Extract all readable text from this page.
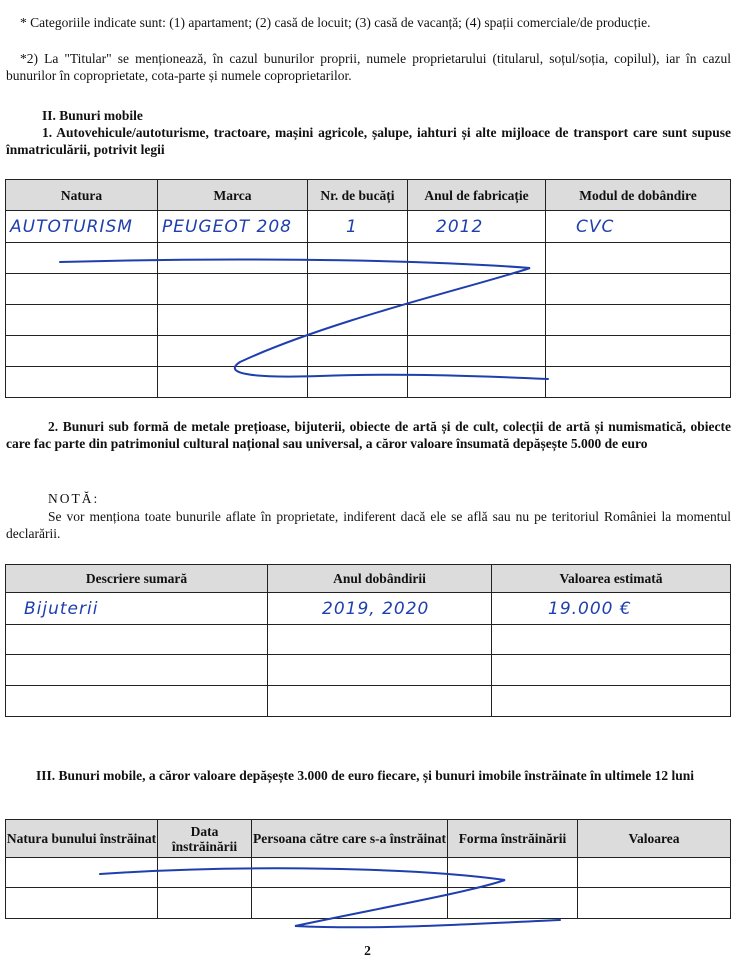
* Categoriile indicate sunt: (1) apartament; (2) casă de locuit; (3) casă de vacanță; (4) spații comerciale/de producție.
*2) La "Titular" se menționează, în cazul bunurilor proprii, numele proprietarului (titularul, soțul/soția, copilul), iar în cazul bunurilor în coproprietate, cota-parte și numele coproprietarilor.
II. Bunuri mobile
1. Autovehicule/autoturisme, tractoare, mașini agricole, șalupe, iahturi și alte mijloace de transport care sunt supuse înmatriculării, potrivit legii
Natura	Marca	Nr. de bucăți	Anul de fabricație	Modul de dobândire
AUTOTURISM	PEUGEOT 208	1	2012	CVC

2. Bunuri sub formă de metale prețioase, bijuterii, obiecte de artă și de cult, colecții de artă și numismatică, obiecte care fac parte din patrimoniul cultural național sau universal, a căror valoare însumată depășește 5.000 de euro
NOTĂ:
Se vor menționa toate bunurile aflate în proprietate, indiferent dacă ele se află sau nu pe teritoriul României la momentul declarării.
Descriere sumară	Anul dobândirii	Valoarea estimată
Bijuterii	2019, 2020	19.000 €

III. Bunuri mobile, a căror valoare depășește 3.000 de euro fiecare, și bunuri imobile înstrăinate în ultimele 12 luni
Natura bunului înstrăinat	Data înstrăinării	Persoana către care s-a înstrăinat	Forma înstrăinării	Valoarea

2
